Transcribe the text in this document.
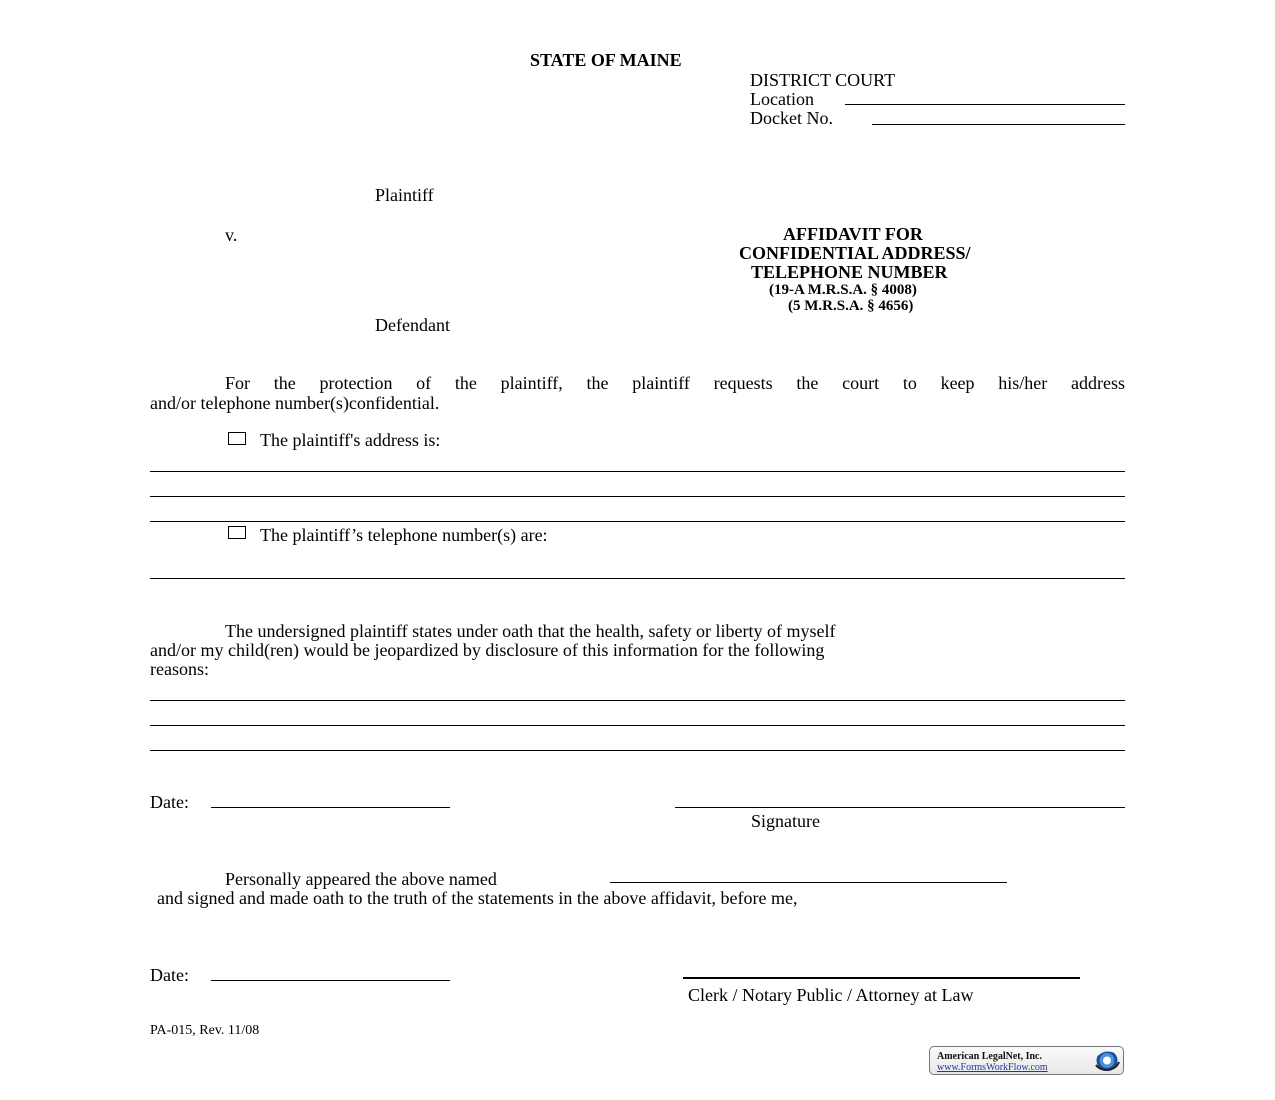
STATE OF MAINE
DISTRICT COURT
Location
Docket No.
Plaintiff
v.
Defendant
AFFIDAVIT FOR
CONFIDENTIAL ADDRESS/
TELEPHONE NUMBER
(19-A M.R.S.A. § 4008)
(5 M.R.S.A. § 4656)
For the protection of the plaintiff, the plaintiff requests the court to keep his/her address
and/or telephone number(s)confidential.
The plaintiff's address is:
The plaintiff’s telephone number(s) are:
The undersigned plaintiff states under oath that the health, safety or liberty of myself
and/or my child(ren) would be jeopardized by disclosure of this information for the following
reasons:
Date:
Signature
Personally appeared the above named
and signed and made oath to the truth of the statements in the above affidavit, before me,
Date:
Clerk / Notary Public / Attorney at Law
PA-015, Rev. 11/08
American LegalNet, Inc.
www.FormsWorkFlow.com
